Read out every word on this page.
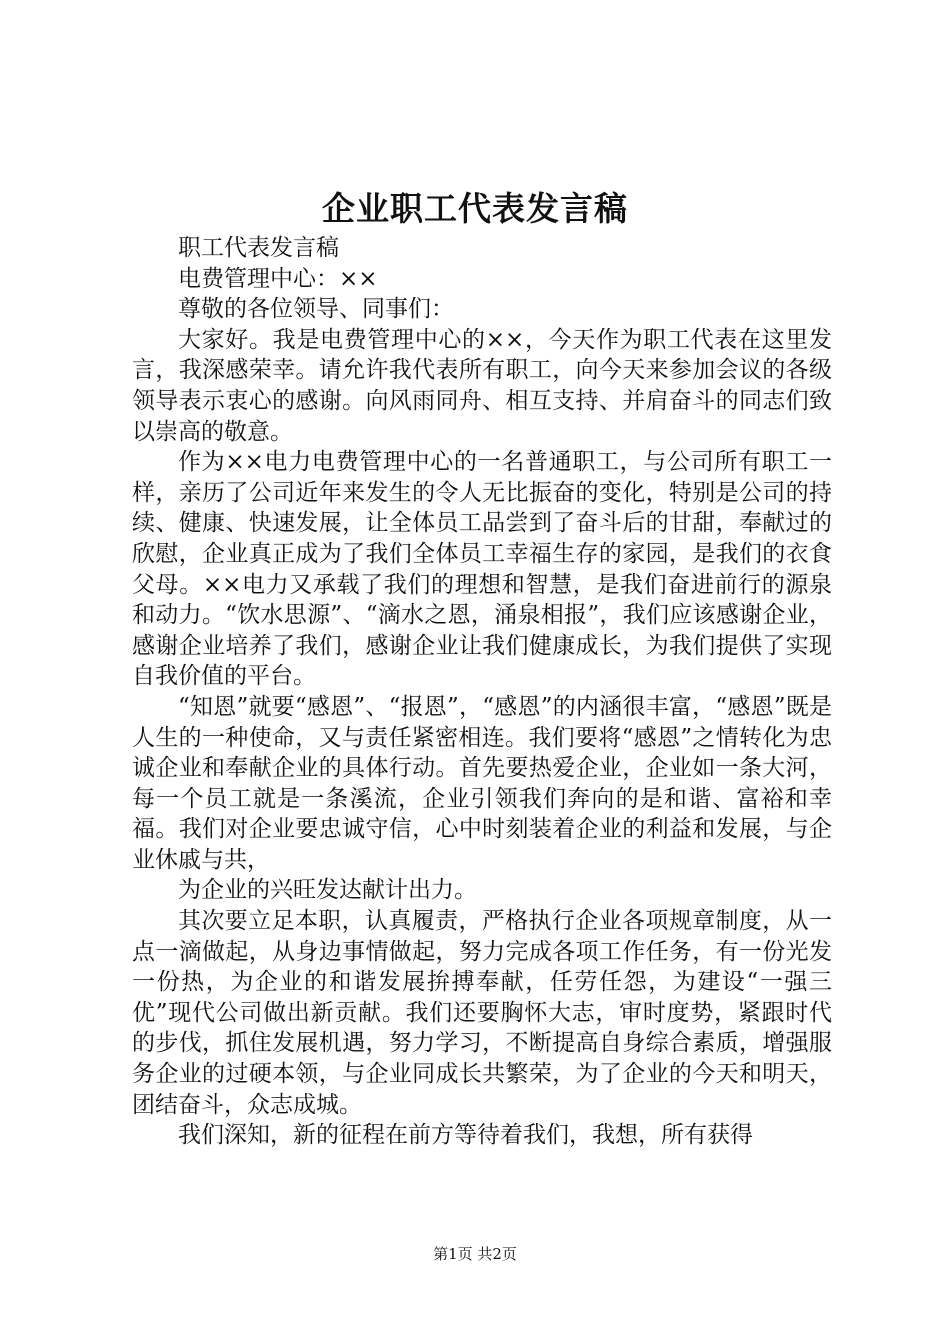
企业职工代表发言稿

职工代表发言稿

电费管理中心：××

尊敬的各位领导、同事们：

大家好。我是电费管理中心的××，今天作为职工代表在这里发言，我深感荣幸。请允许我代表所有职工，向今天来参加会议的各级领导表示衷心的感谢。向风雨同舟、相互支持、并肩奋斗的同志们致以崇高的敬意。

作为××电力电费管理中心的一名普通职工，与公司所有职工一样，亲历了公司近年来发生的令人无比振奋的变化，特别是公司的持续、健康、快速发展，让全体员工品尝到了奋斗后的甘甜，奉献过的欣慰，企业真正成为了我们全体员工幸福生存的家园，是我们的衣食父母。××电力又承载了我们的理想和智慧，是我们奋进前行的源泉和动力。“饮水思源”、“滴水之恩，涌泉相报”，我们应该感谢企业，感谢企业培养了我们，感谢企业让我们健康成长，为我们提供了实现自我价值的平台。

“知恩”就要“感恩”、“报恩”，“感恩”的内涵很丰富，“感恩”既是人生的一种使命，又与责任紧密相连。我们要将“感恩”之情转化为忠诚企业和奉献企业的具体行动。首先要热爱企业，企业如一条大河，每一个员工就是一条溪流，企业引领我们奔向的是和谐、富裕和幸福。我们对企业要忠诚守信，心中时刻装着企业的利益和发展，与企业休戚与共，

为企业的兴旺发达献计出力。

其次要立足本职，认真履责，严格执行企业各项规章制度，从一点一滴做起，从身边事情做起，努力完成各项工作任务，有一份光发一份热，为企业的和谐发展拚搏奉献，任劳任怨，为建设“一强三优”现代公司做出新贡献。我们还要胸怀大志，审时度势，紧跟时代的步伐，抓住发展机遇，努力学习，不断提高自身综合素质，增强服务企业的过硬本领，与企业同成长共繁荣，为了企业的今天和明天，团结奋斗，众志成城。

我们深知，新的征程在前方等待着我们，我想，所有获得

第1页 共2页
